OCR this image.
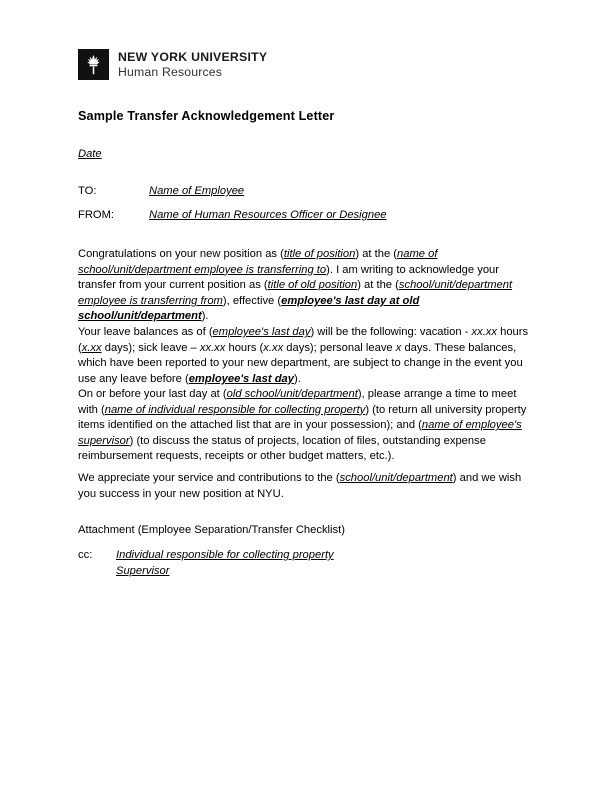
NEW YORK UNIVERSITY
Human Resources
Sample Transfer Acknowledgement Letter
Date
TO:	Name of Employee
FROM:	Name of Human Resources Officer or Designee
Congratulations on your new position as (title of position) at the (name of school/unit/department employee is transferring to). I am writing to acknowledge your transfer from your current position as (title of old position) at the (school/unit/department employee is transferring from), effective (employee's last day at old school/unit/department).
Your leave balances as of (employee's last day) will be the following: vacation - xx.xx hours (x.xx days); sick leave – xx.xx hours (x.xx days); personal leave x days. These balances, which have been reported to your new department, are subject to change in the event you use any leave before (employee's last day).
On or before your last day at (old school/unit/department), please arrange a time to meet with (name of individual responsible for collecting property) (to return all university property items identified on the attached list that are in your possession); and (name of employee's supervisor) (to discuss the status of projects, location of files, outstanding expense reimbursement requests, receipts or other budget matters, etc.).
We appreciate your service and contributions to the (school/unit/department) and we wish you success in your new position at NYU.
Attachment (Employee Separation/Transfer Checklist)
cc:	Individual responsible for collecting property
Supervisor
